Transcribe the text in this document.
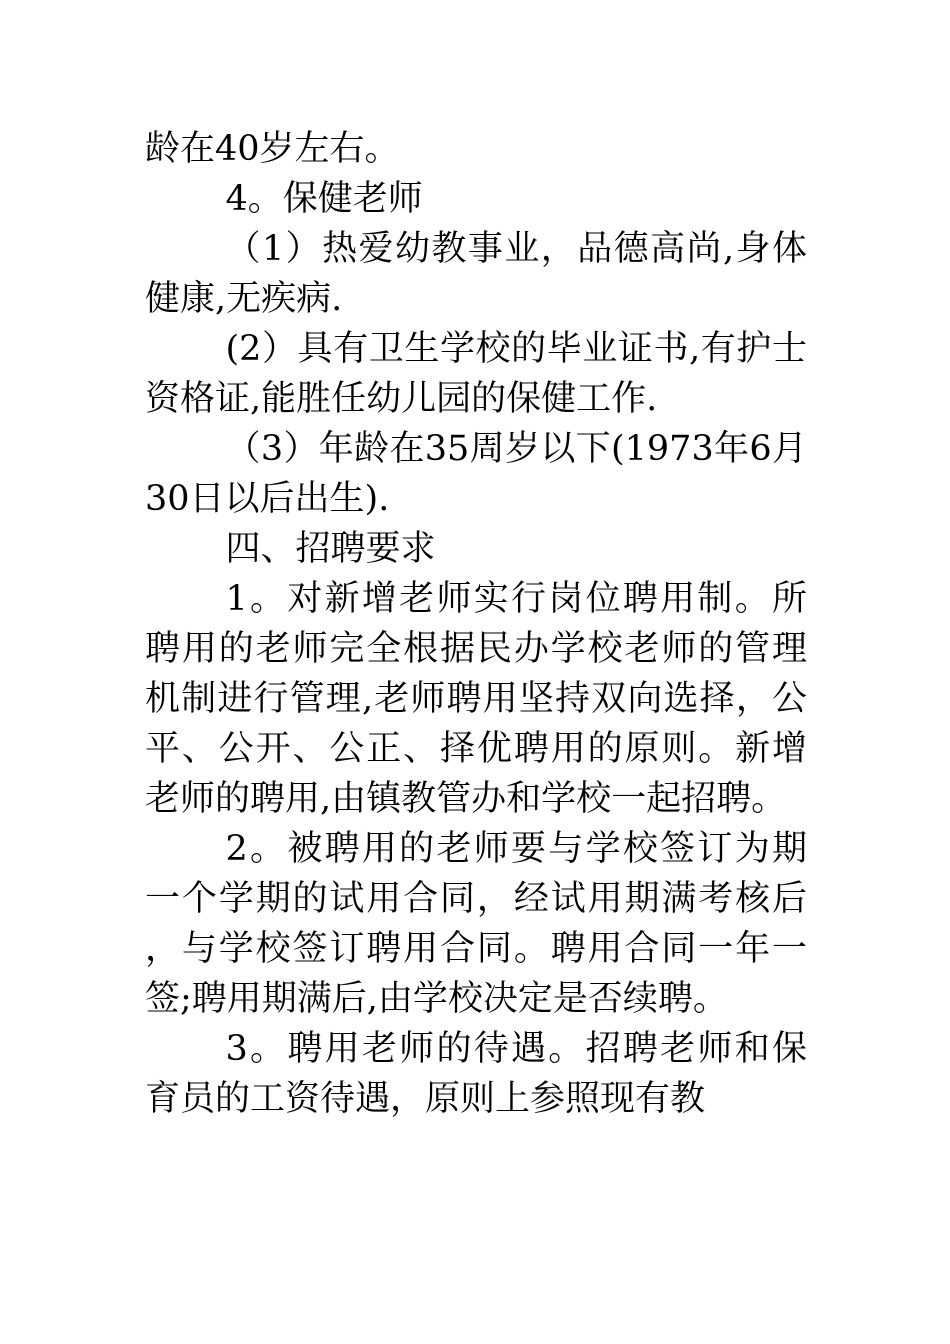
龄在40岁左右。

4。保健老师

（1）热爱幼教事业，品德高尚,身体健康,无疾病.

(2）具有卫生学校的毕业证书,有护士资格证,能胜任幼儿园的保健工作.

（3）年龄在35周岁以下(1973年6月30日以后出生).

四、招聘要求

1。对新增老师实行岗位聘用制。所聘用的老师完全根据民办学校老师的管理机制进行管理,老师聘用坚持双向选择，公平、公开、公正、择优聘用的原则。新增老师的聘用,由镇教管办和学校一起招聘。

2。被聘用的老师要与学校签订为期一个学期的试用合同，经试用期满考核后，与学校签订聘用合同。聘用合同一年一签;聘用期满后,由学校决定是否续聘。

3。聘用老师的待遇。招聘老师和保育员的工资待遇，原则上参照现有教
